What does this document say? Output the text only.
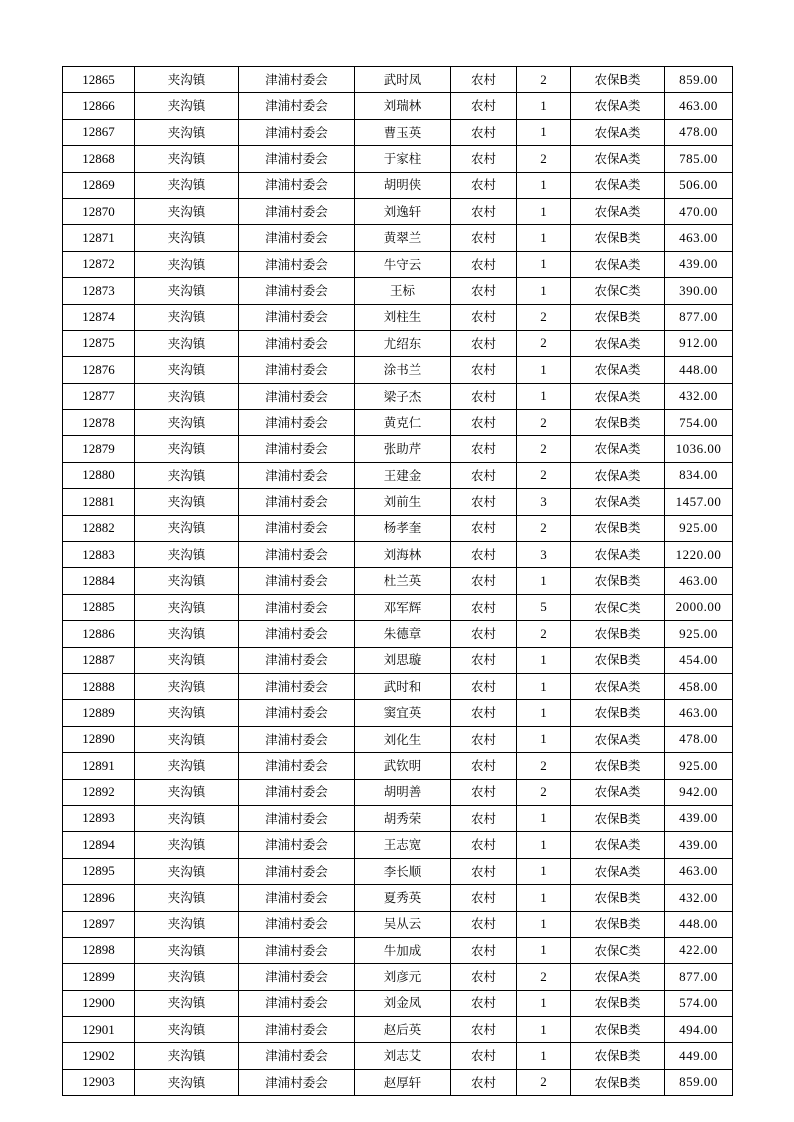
12865	夹沟镇	津浦村委会	武时凤	农村	2	农保B类	859.00
12866	夹沟镇	津浦村委会	刘瑞林	农村	1	农保A类	463.00
12867	夹沟镇	津浦村委会	曹玉英	农村	1	农保A类	478.00
12868	夹沟镇	津浦村委会	于家柱	农村	2	农保A类	785.00
12869	夹沟镇	津浦村委会	胡明侠	农村	1	农保A类	506.00
12870	夹沟镇	津浦村委会	刘逸轩	农村	1	农保A类	470.00
12871	夹沟镇	津浦村委会	黄翠兰	农村	1	农保B类	463.00
12872	夹沟镇	津浦村委会	牛守云	农村	1	农保A类	439.00
12873	夹沟镇	津浦村委会	王标	农村	1	农保C类	390.00
12874	夹沟镇	津浦村委会	刘柱生	农村	2	农保B类	877.00
12875	夹沟镇	津浦村委会	尤绍东	农村	2	农保A类	912.00
12876	夹沟镇	津浦村委会	涂书兰	农村	1	农保A类	448.00
12877	夹沟镇	津浦村委会	梁子杰	农村	1	农保A类	432.00
12878	夹沟镇	津浦村委会	黄克仁	农村	2	农保B类	754.00
12879	夹沟镇	津浦村委会	张助芹	农村	2	农保A类	1036.00
12880	夹沟镇	津浦村委会	王建金	农村	2	农保A类	834.00
12881	夹沟镇	津浦村委会	刘前生	农村	3	农保A类	1457.00
12882	夹沟镇	津浦村委会	杨孝奎	农村	2	农保B类	925.00
12883	夹沟镇	津浦村委会	刘海林	农村	3	农保A类	1220.00
12884	夹沟镇	津浦村委会	杜兰英	农村	1	农保B类	463.00
12885	夹沟镇	津浦村委会	邓军辉	农村	5	农保C类	2000.00
12886	夹沟镇	津浦村委会	朱德章	农村	2	农保B类	925.00
12887	夹沟镇	津浦村委会	刘思璇	农村	1	农保B类	454.00
12888	夹沟镇	津浦村委会	武时和	农村	1	农保A类	458.00
12889	夹沟镇	津浦村委会	窦宜英	农村	1	农保B类	463.00
12890	夹沟镇	津浦村委会	刘化生	农村	1	农保A类	478.00
12891	夹沟镇	津浦村委会	武钦明	农村	2	农保B类	925.00
12892	夹沟镇	津浦村委会	胡明善	农村	2	农保A类	942.00
12893	夹沟镇	津浦村委会	胡秀荣	农村	1	农保B类	439.00
12894	夹沟镇	津浦村委会	王志宽	农村	1	农保A类	439.00
12895	夹沟镇	津浦村委会	李长顺	农村	1	农保A类	463.00
12896	夹沟镇	津浦村委会	夏秀英	农村	1	农保B类	432.00
12897	夹沟镇	津浦村委会	吴从云	农村	1	农保B类	448.00
12898	夹沟镇	津浦村委会	牛加成	农村	1	农保C类	422.00
12899	夹沟镇	津浦村委会	刘彦元	农村	2	农保A类	877.00
12900	夹沟镇	津浦村委会	刘金凤	农村	1	农保B类	574.00
12901	夹沟镇	津浦村委会	赵后英	农村	1	农保B类	494.00
12902	夹沟镇	津浦村委会	刘志艾	农村	1	农保B类	449.00
12903	夹沟镇	津浦村委会	赵厚轩	农村	2	农保B类	859.00
